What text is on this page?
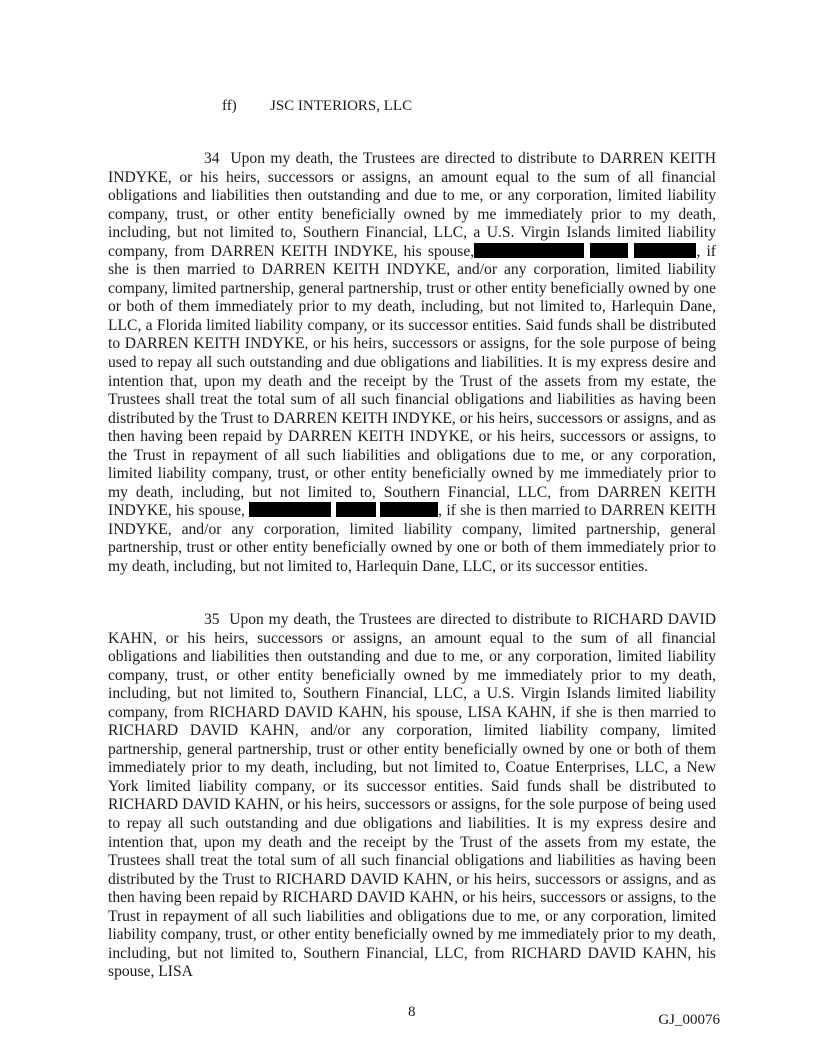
ff) JSC INTERIORS, LLC

34 Upon my death, the Trustees are directed to distribute to DARREN KEITH INDYKE, or his heirs, successors or assigns, an amount equal to the sum of all financial obligations and liabilities then outstanding and due to me, or any corporation, limited liability company, trust, or other entity beneficially owned by me immediately prior to my death, including, but not limited to, Southern Financial, LLC, a U.S. Virgin Islands limited liability company, from DARREN KEITH INDYKE, his spouse,	, if she is then married to DARREN KEITH INDYKE, and/or any corporation, limited liability company, limited partnership, general partnership, trust or other entity beneficially owned by one or both of them immediately prior to my death, including, but not limited to, Harlequin Dane, LLC, a Florida limited liability company, or its successor entities. Said funds shall be distributed to DARREN KEITH INDYKE, or his heirs, successors or assigns, for the sole purpose of being used to repay all such outstanding and due obligations and liabilities. It is my express desire and intention that, upon my death and the receipt by the Trust of the assets from my estate, the Trustees shall treat the total sum of all such financial obligations and liabilities as having been distributed by the Trust to DARREN KEITH INDYKE, or his heirs, successors or assigns, and as then having been repaid by DARREN KEITH INDYKE, or his heirs, successors or assigns, to the Trust in repayment of all such liabilities and obligations due to me, or any corporation, limited liability company, trust, or other entity beneficially owned by me immediately prior to my death, including, but not limited to, Southern Financial, LLC, from DARREN KEITH INDYKE, his spouse,	, if she is then married to DARREN KEITH INDYKE, and/or any corporation, limited liability company, limited partnership, general partnership, trust or other entity beneficially owned by one or both of them immediately prior to my death, including, but not limited to, Harlequin Dane, LLC, or its successor entities.

35 Upon my death, the Trustees are directed to distribute to RICHARD DAVID KAHN, or his heirs, successors or assigns, an amount equal to the sum of all financial obligations and liabilities then outstanding and due to me, or any corporation, limited liability company, trust, or other entity beneficially owned by me immediately prior to my death, including, but not limited to, Southern Financial, LLC, a U.S. Virgin Islands limited liability company, from RICHARD DAVID KAHN, his spouse, LISA KAHN, if she is then married to RICHARD DAVID KAHN, and/or any corporation, limited liability company, limited partnership, general partnership, trust or other entity beneficially owned by one or both of them immediately prior to my death, including, but not limited to, Coatue Enterprises, LLC, a New York limited liability company, or its successor entities. Said funds shall be distributed to RICHARD DAVID KAHN, or his heirs, successors or assigns, for the sole purpose of being used to repay all such outstanding and due obligations and liabilities. It is my express desire and intention that, upon my death and the receipt by the Trust of the assets from my estate, the Trustees shall treat the total sum of all such financial obligations and liabilities as having been distributed by the Trust to RICHARD DAVID KAHN, or his heirs, successors or assigns, and as then having been repaid by RICHARD DAVID KAHN, or his heirs, successors or assigns, to the Trust in repayment of all such liabilities and obligations due to me, or any corporation, limited liability company, trust, or other entity beneficially owned by me immediately prior to my death, including, but not limited to, Southern Financial, LLC, from RICHARD DAVID KAHN, his spouse, LISA

8	GJ_00076
